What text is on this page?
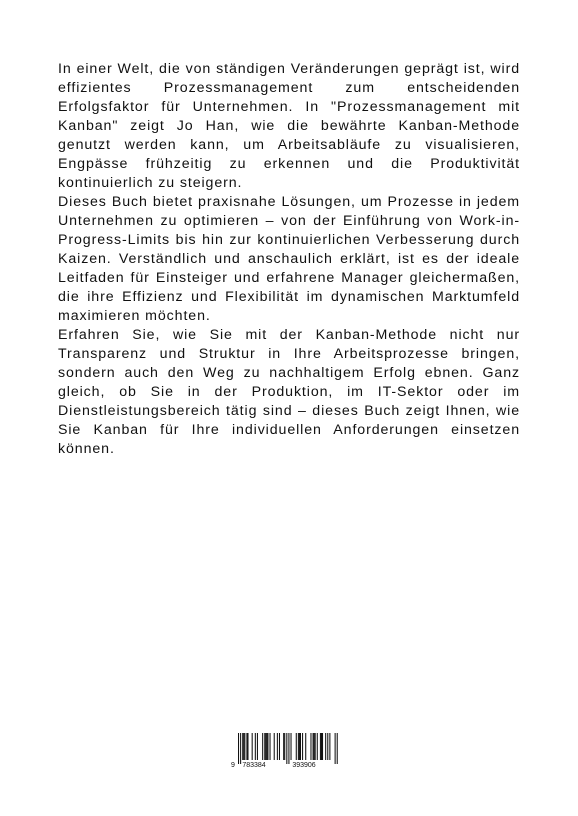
In einer Welt, die von ständigen Veränderungen geprägt ist, wird effizientes Prozessmanagement zum entscheidenden Erfolgsfaktor für Unternehmen. In "Prozessmanagement mit Kanban" zeigt Jo Han, wie die bewährte Kanban-Methode genutzt werden kann, um Arbeitsabläufe zu visualisieren, Engpässe frühzeitig zu erkennen und die Produktivität kontinuierlich zu steigern.

Dieses Buch bietet praxisnahe Lösungen, um Prozesse in jedem Unternehmen zu optimieren – von der Einführung von Work-in-Progress-Limits bis hin zur kontinuierlichen Verbesserung durch Kaizen. Verständlich und anschaulich erklärt, ist es der ideale Leitfaden für Einsteiger und erfahrene Manager gleichermaßen, die ihre Effizienz und Flexibilität im dynamischen Marktumfeld maximieren möchten.

Erfahren Sie, wie Sie mit der Kanban-Methode nicht nur Transparenz und Struktur in Ihre Arbeitsprozesse bringen, sondern auch den Weg zu nachhaltigem Erfolg ebnen. Ganz gleich, ob Sie in der Produktion, im IT-Sektor oder im Dienstleistungsbereich tätig sind – dieses Buch zeigt Ihnen, wie Sie Kanban für Ihre individuellen Anforderungen einsetzen können.

9 783384	393906
